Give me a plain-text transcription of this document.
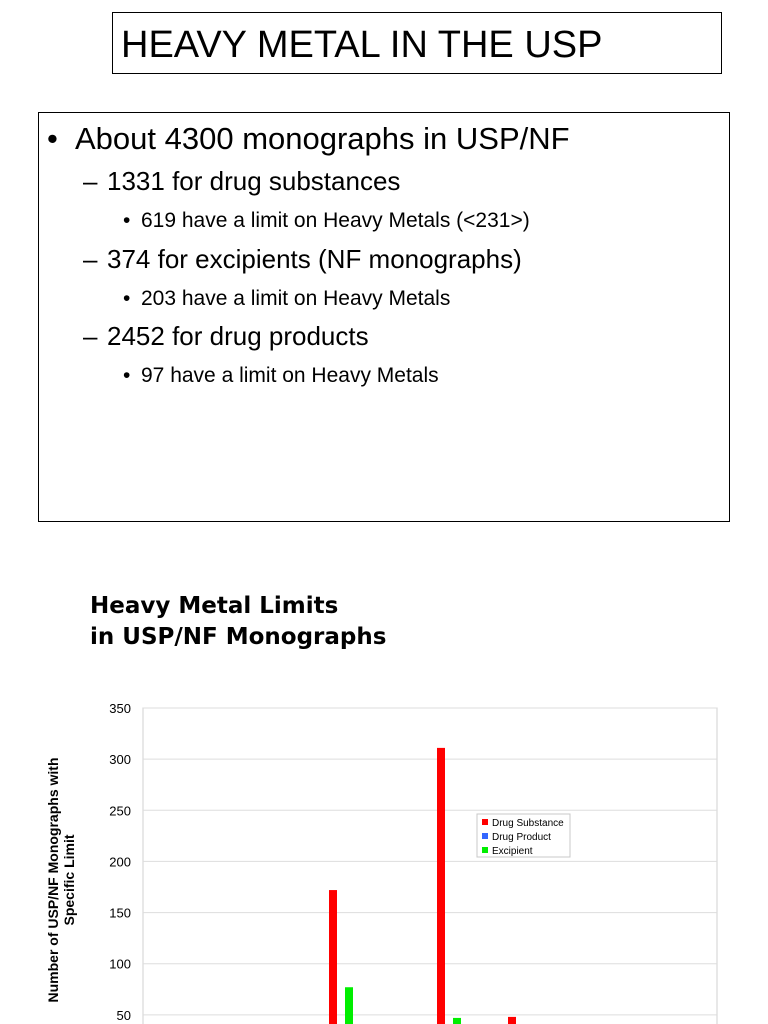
HEAVY METAL IN THE USP
• About 4300 monographs in USP/NF
– 1331 for drug substances
• 619 have a limit on Heavy Metals (<231>)
– 374 for excipients (NF monographs)
• 203 have a limit on Heavy Metals
– 2452 for drug products
• 97 have a limit on Heavy Metals
Heavy Metal Limits
in USP/NF Monographs
350
300
250
200
150
100
50
Number of USP/NF Monographs with Specific Limit
Drug Substance
Drug Product
Excipient
